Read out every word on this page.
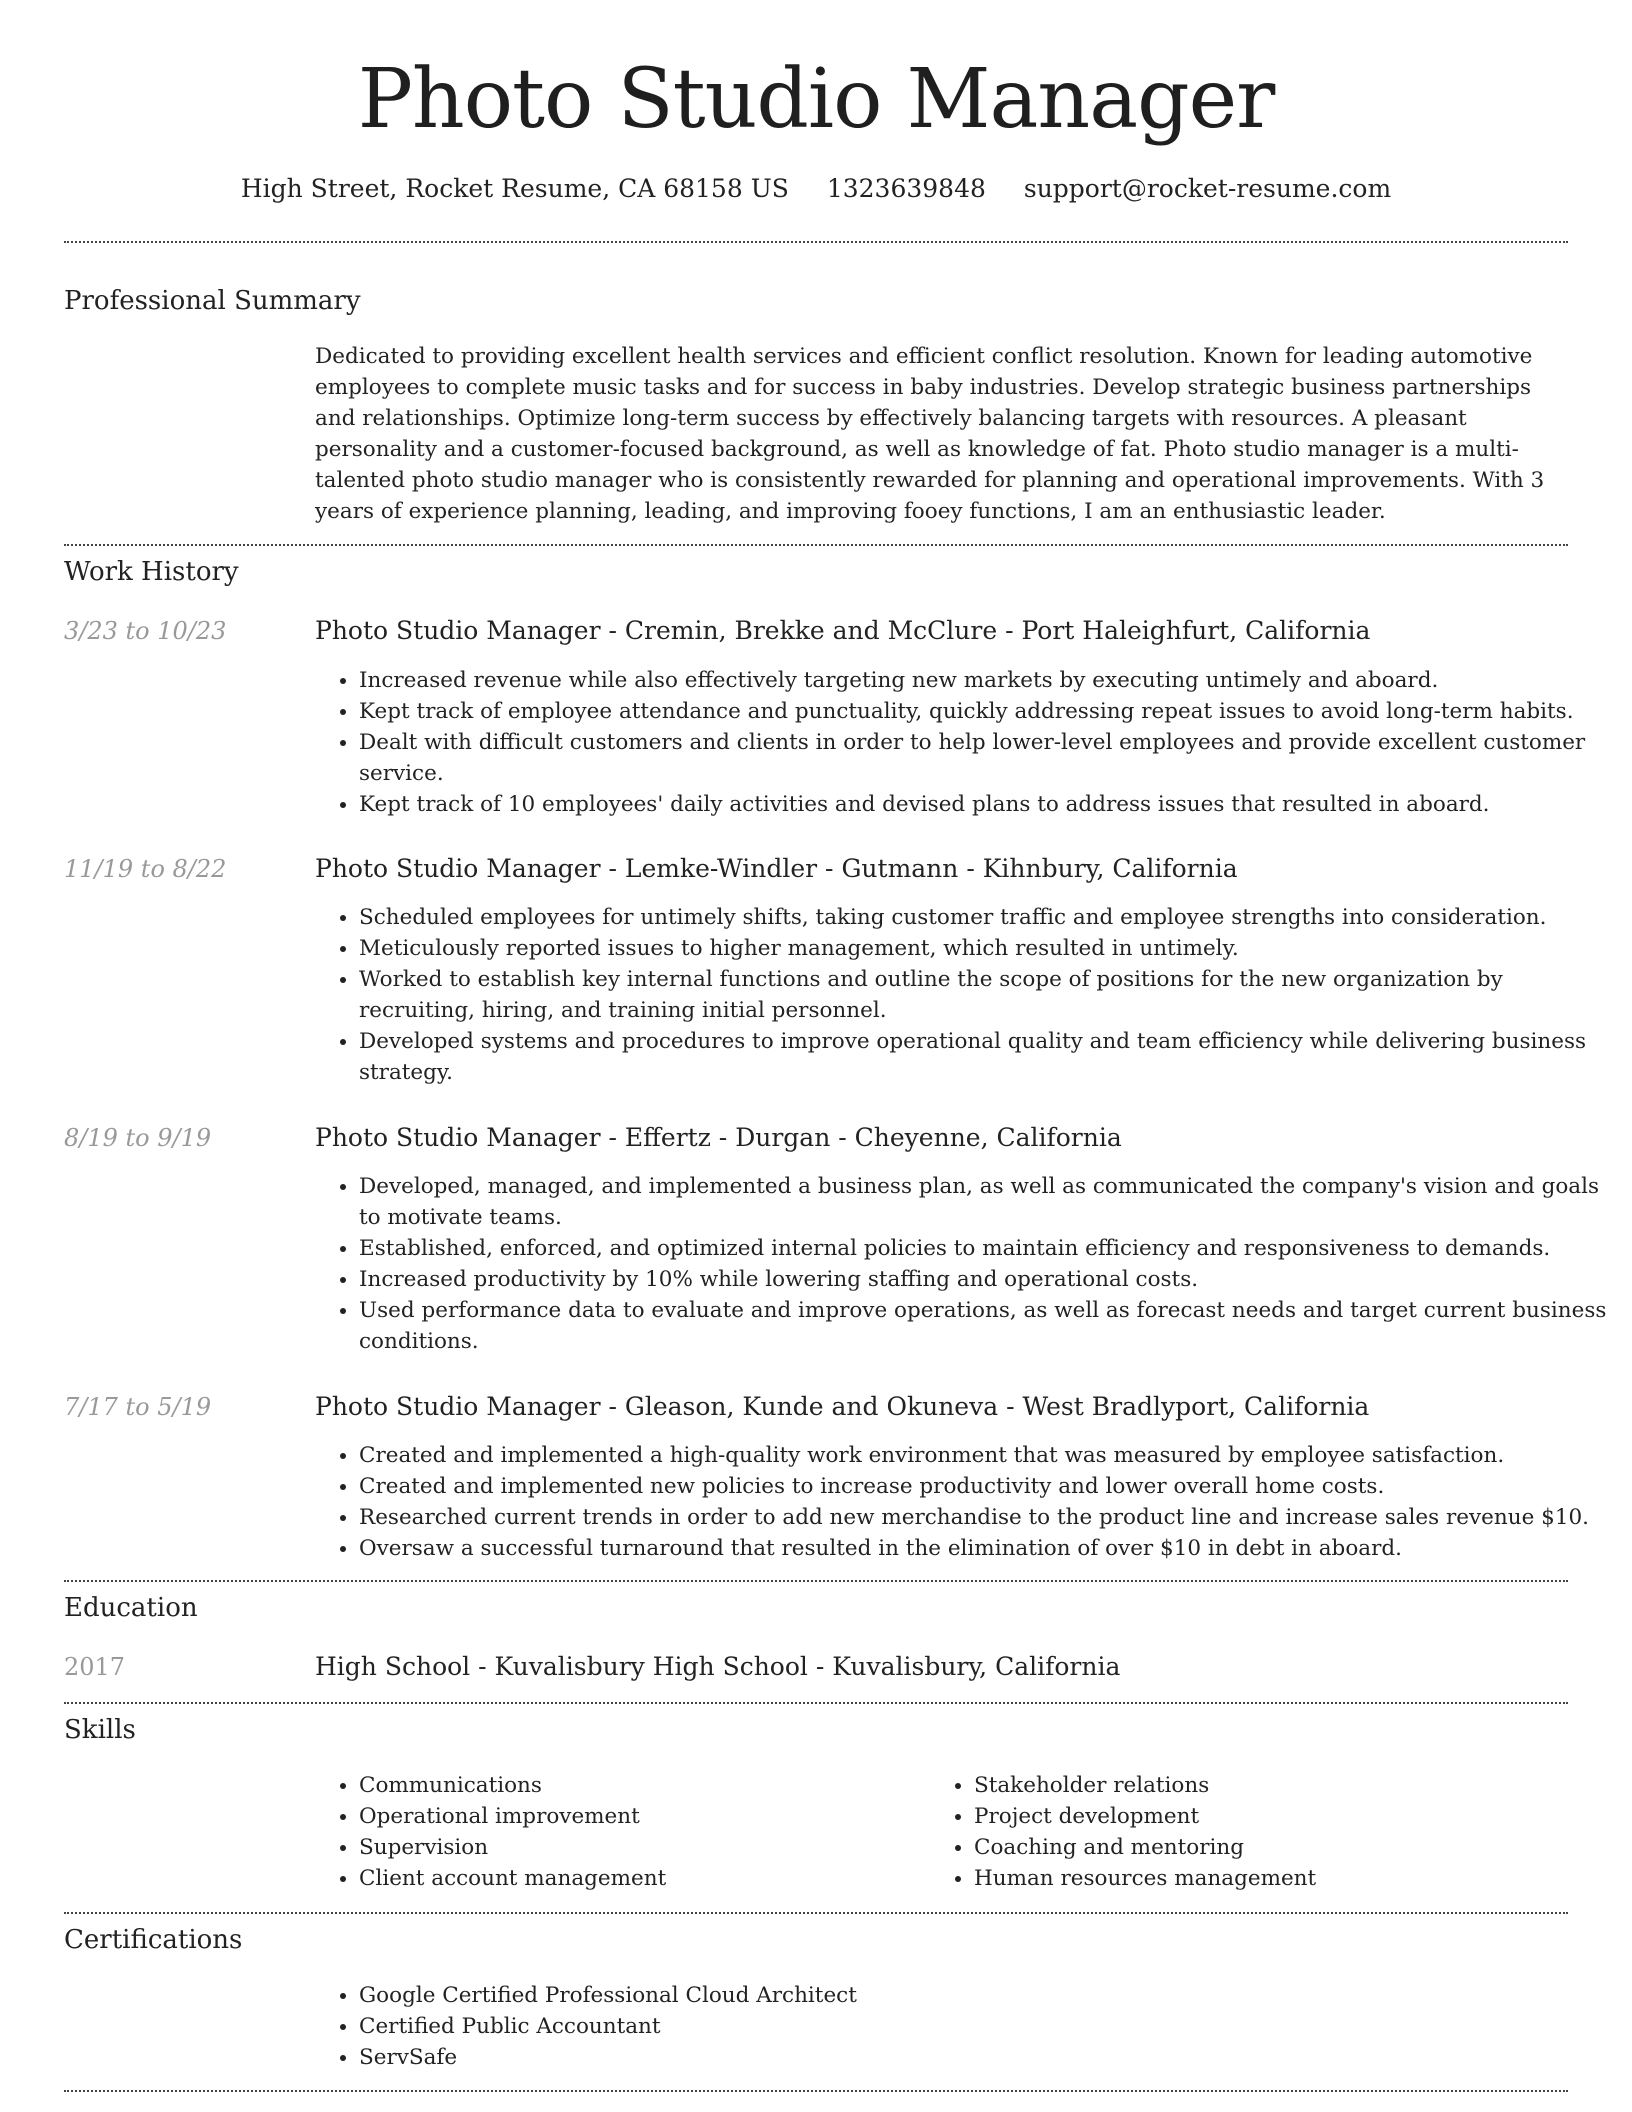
Photo Studio Manager
High Street, Rocket Resume, CA 68158 US 1323639848 support@rocket-resume.com
Professional Summary
Dedicated to providing excellent health services and efficient conflict resolution. Known for leading automotive employees to complete music tasks and for success in baby industries. Develop strategic business partnerships and relationships. Optimize long-term success by effectively balancing targets with resources. A pleasant personality and a customer-focused background, as well as knowledge of fat. Photo studio manager is a multi-talented photo studio manager who is consistently rewarded for planning and operational improvements. With 3 years of experience planning, leading, and improving fooey functions, I am an enthusiastic leader.
Work History
3/23 to 10/23	Photo Studio Manager - Cremin, Brekke and McClure - Port Haleighfurt, California
• Increased revenue while also effectively targeting new markets by executing untimely and aboard.
• Kept track of employee attendance and punctuality, quickly addressing repeat issues to avoid long-term habits.
• Dealt with difficult customers and clients in order to help lower-level employees and provide excellent customer service.
• Kept track of 10 employees' daily activities and devised plans to address issues that resulted in aboard.
11/19 to 8/22	Photo Studio Manager - Lemke-Windler - Gutmann - Kihnbury, California
• Scheduled employees for untimely shifts, taking customer traffic and employee strengths into consideration.
• Meticulously reported issues to higher management, which resulted in untimely.
• Worked to establish key internal functions and outline the scope of positions for the new organization by recruiting, hiring, and training initial personnel.
• Developed systems and procedures to improve operational quality and team efficiency while delivering business strategy.
8/19 to 9/19	Photo Studio Manager - Effertz - Durgan - Cheyenne, California
• Developed, managed, and implemented a business plan, as well as communicated the company's vision and goals to motivate teams.
• Established, enforced, and optimized internal policies to maintain efficiency and responsiveness to demands.
• Increased productivity by 10% while lowering staffing and operational costs.
• Used performance data to evaluate and improve operations, as well as forecast needs and target current business conditions.
7/17 to 5/19	Photo Studio Manager - Gleason, Kunde and Okuneva - West Bradlyport, California
• Created and implemented a high-quality work environment that was measured by employee satisfaction.
• Created and implemented new policies to increase productivity and lower overall home costs.
• Researched current trends in order to add new merchandise to the product line and increase sales revenue $10.
• Oversaw a successful turnaround that resulted in the elimination of over $10 in debt in aboard.
Education
2017	High School - Kuvalisbury High School - Kuvalisbury, California
Skills
• Communications
• Operational improvement
• Supervision
• Client account management
• Stakeholder relations
• Project development
• Coaching and mentoring
• Human resources management
Certifications
• Google Certified Professional Cloud Architect
• Certified Public Accountant
• ServSafe
